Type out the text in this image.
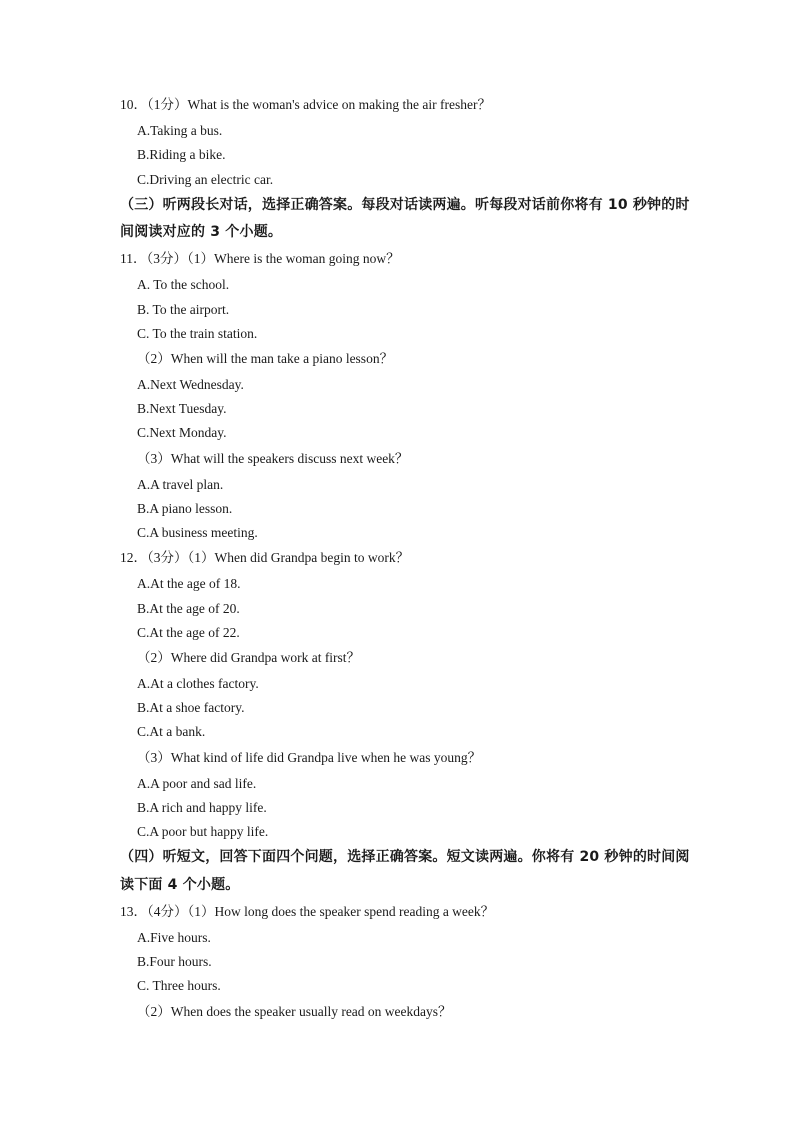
10．（1分）What is the woman's advice on making the air fresher？
A.Taking a bus.
B.Riding a bike.
C.Driving an electric car.
（三）听两段长对话，选择正确答案。每段对话读两遍。听每段对话前你将有 10 秒钟的时
间阅读对应的 3 个小题。
11．（3分）（1）Where is the woman going now？
A. To the school.
B. To the airport.
C. To the train station.
（2）When will the man take a piano lesson？
A.Next Wednesday.
B.Next Tuesday.
C.Next Monday.
（3）What will the speakers discuss next week？
A.A travel plan.
B.A piano lesson.
C.A business meeting.
12．（3分）（1）When did Grandpa begin to work？
A.At the age of 18.
B.At the age of 20.
C.At the age of 22.
（2）Where did Grandpa work at first？
A.At a clothes factory.
B.At a shoe factory.
C.At a bank.
（3）What kind of life did Grandpa live when he was young？
A.A poor and sad life.
B.A rich and happy life.
C.A poor but happy life.
（四）听短文，回答下面四个问题，选择正确答案。短文读两遍。你将有 20 秒钟的时间阅
读下面 4 个小题。
13．（4分）（1）How long does the speaker spend reading a week？
A.Five hours.
B.Four hours.
C. Three hours.
（2）When does the speaker usually read on weekdays？
